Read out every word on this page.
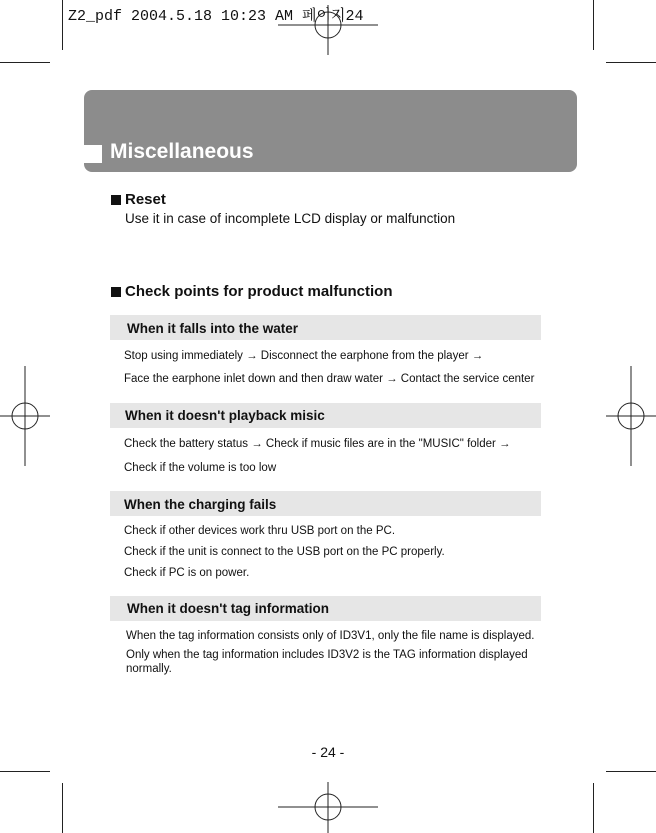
Z2_pdf 2004.5.18 10:23 AM 페이지24
Miscellaneous
Reset
Use it in case of incomplete LCD display or malfunction
Check points for product malfunction
When it falls into the water
Stop using immediately → Disconnect the earphone from the player →
Face the earphone inlet down and then draw water → Contact the service center
When it doesn't playback misic
Check the battery status → Check if music files are in the "MUSIC" folder →
Check if the volume is too low
When the charging fails
Check if other devices work thru USB port on the PC.
Check if the unit is connect to the USB port on the PC properly.
Check if PC is on power.
When it doesn't tag information
When the tag information consists only of ID3V1, only the file name is displayed.
Only when the tag information includes ID3V2 is the TAG information displayed
normally.
- 24 -
